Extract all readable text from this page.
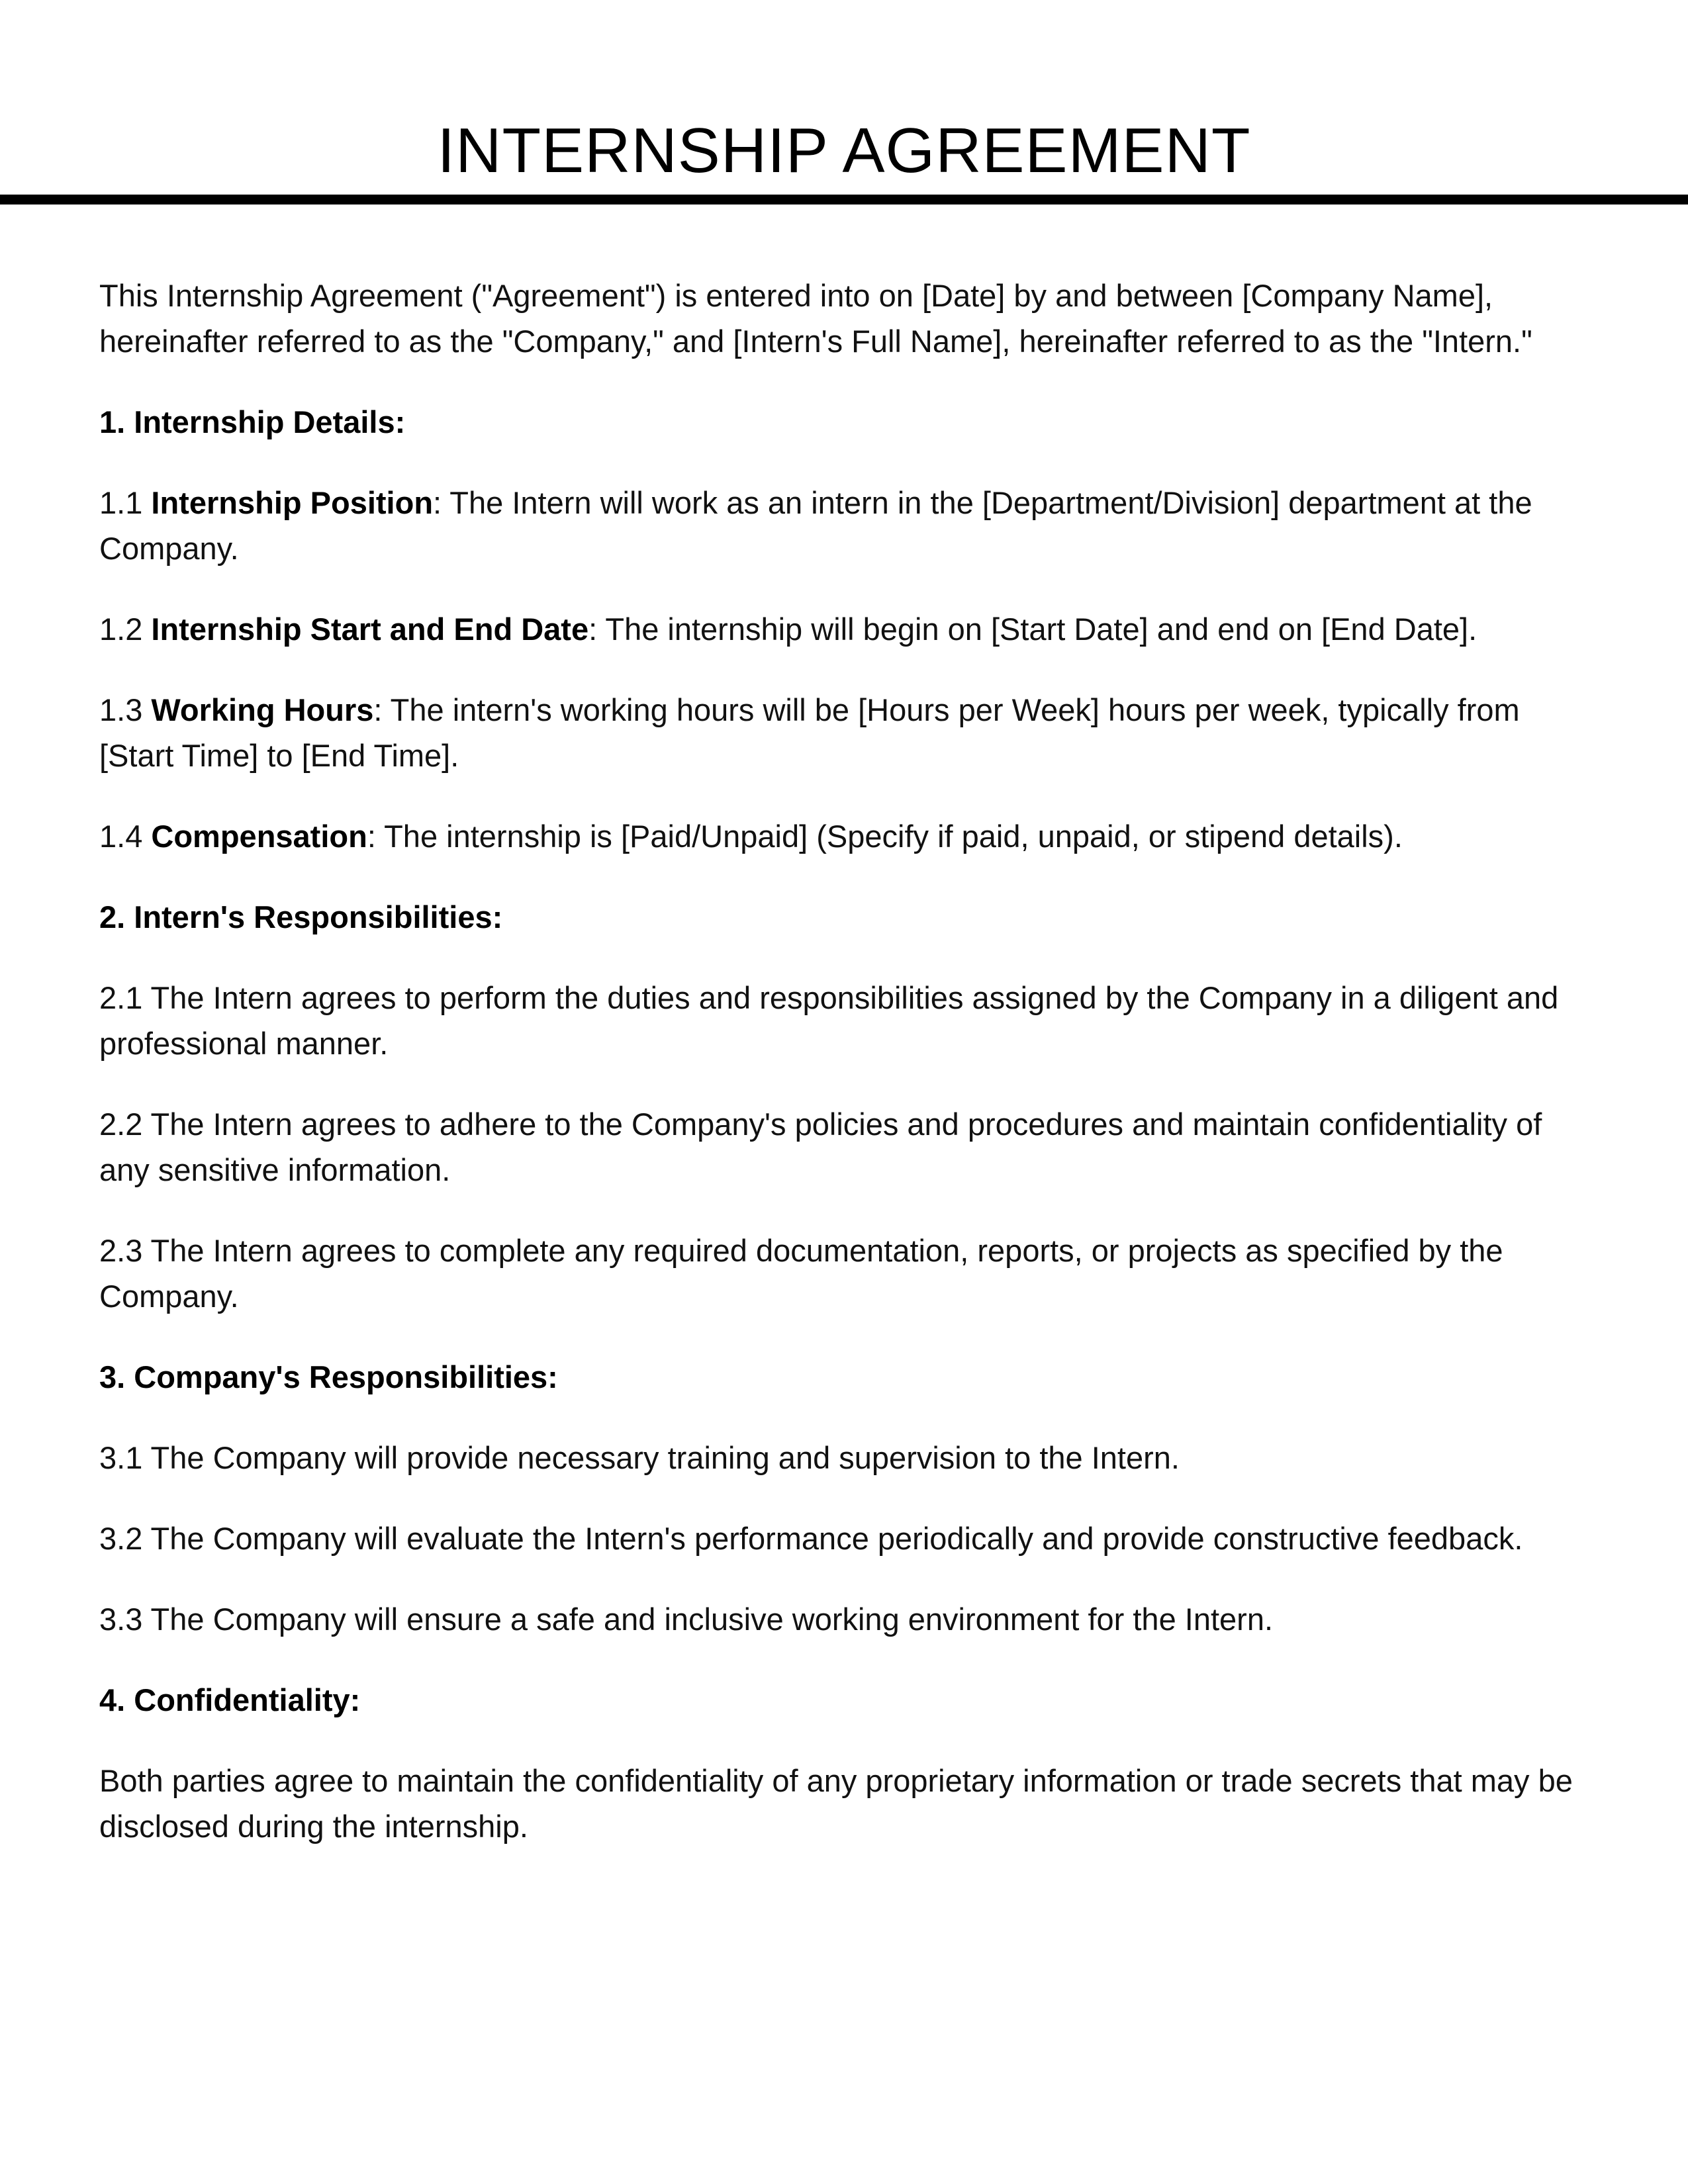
INTERNSHIP AGREEMENT

This Internship Agreement ("Agreement") is entered into on [Date] by and between [Company Name], hereinafter referred to as the "Company," and [Intern's Full Name], hereinafter referred to as the "Intern."

1. Internship Details:

1.1 Internship Position: The Intern will work as an intern in the [Department/Division] department at the Company.

1.2 Internship Start and End Date: The internship will begin on [Start Date] and end on [End Date].

1.3 Working Hours: The intern's working hours will be [Hours per Week] hours per week, typically from [Start Time] to [End Time].

1.4 Compensation: The internship is [Paid/Unpaid] (Specify if paid, unpaid, or stipend details).

2. Intern's Responsibilities:

2.1 The Intern agrees to perform the duties and responsibilities assigned by the Company in a diligent and professional manner.

2.2 The Intern agrees to adhere to the Company's policies and procedures and maintain confidentiality of any sensitive information.

2.3 The Intern agrees to complete any required documentation, reports, or projects as specified by the Company.

3. Company's Responsibilities:

3.1 The Company will provide necessary training and supervision to the Intern.

3.2 The Company will evaluate the Intern's performance periodically and provide constructive feedback.

3.3 The Company will ensure a safe and inclusive working environment for the Intern.

4. Confidentiality:

Both parties agree to maintain the confidentiality of any proprietary information or trade secrets that may be disclosed during the internship.
